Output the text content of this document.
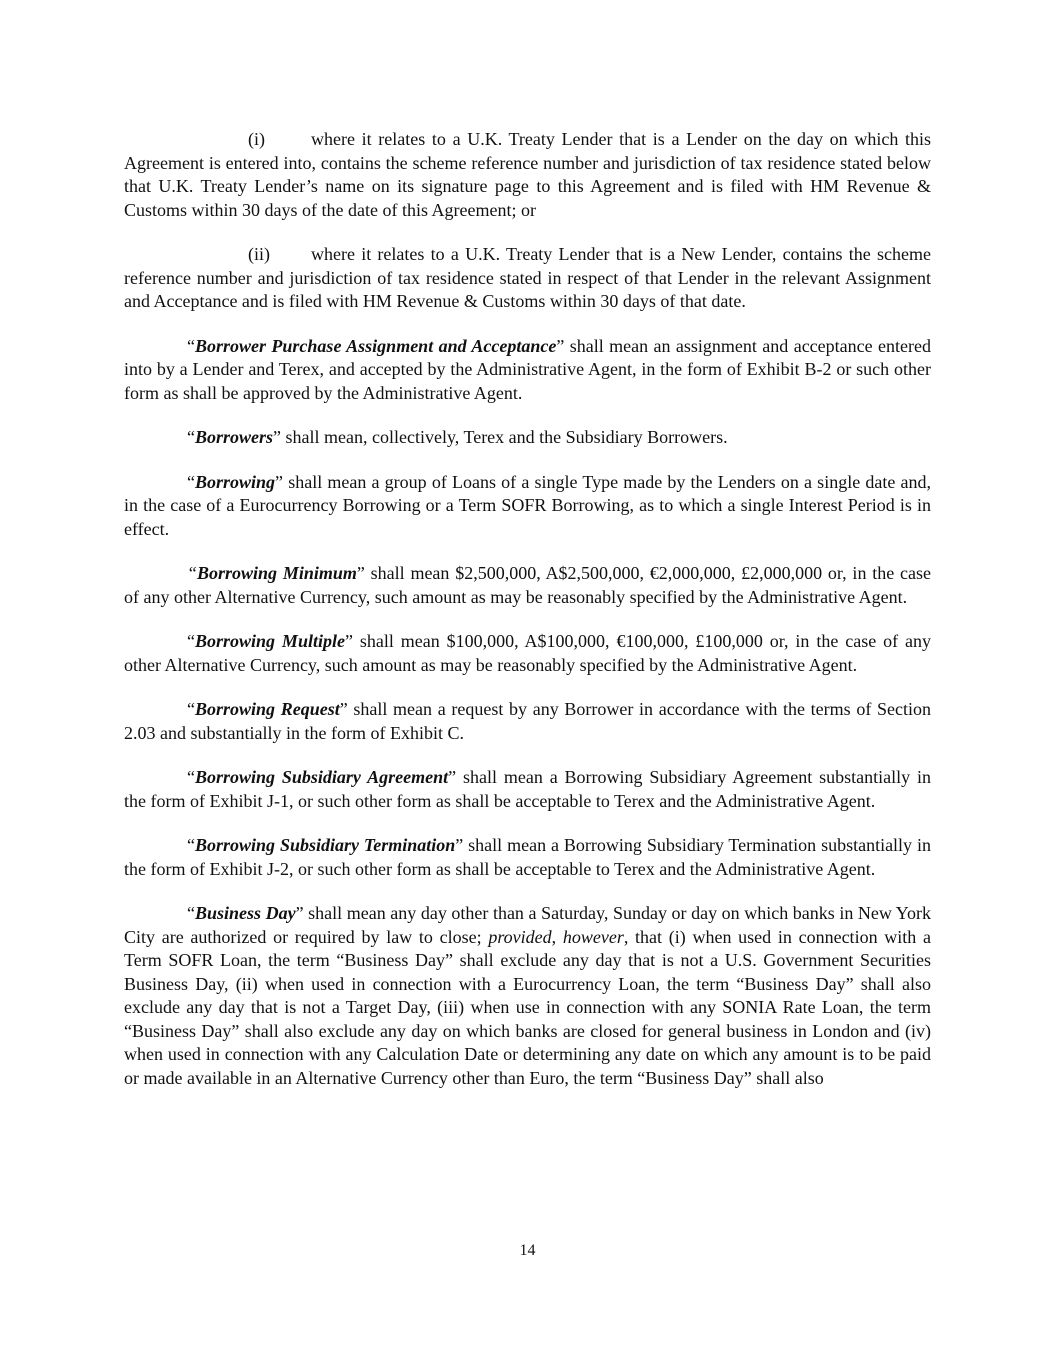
(i)	where it relates to a U.K. Treaty Lender that is a Lender on the day on which this Agreement is entered into, contains the scheme reference number and jurisdiction of tax residence stated below that U.K. Treaty Lender’s name on its signature page to this Agreement and is filed with HM Revenue & Customs within 30 days of the date of this Agreement; or

(ii) where it relates to a U.K. Treaty Lender that is a New Lender, contains the scheme reference number and jurisdiction of tax residence stated in respect of that Lender in the relevant Assignment and Acceptance and is filed with HM Revenue & Customs within 30 days of that date.

“Borrower Purchase Assignment and Acceptance” shall mean an assignment and acceptance entered into by a Lender and Terex, and accepted by the Administrative Agent, in the form of Exhibit B-2 or such other form as shall be approved by the Administrative Agent.

“Borrowers” shall mean, collectively, Terex and the Subsidiary Borrowers.

“Borrowing” shall mean a group of Loans of a single Type made by the Lenders on a single date and, in the case of a Eurocurrency Borrowing or a Term SOFR Borrowing, as to which a single Interest Period is in effect.

“Borrowing Minimum” shall mean $2,500,000, A$2,500,000, €2,000,000, £2,000,000 or, in the case of any other Alternative Currency, such amount as may be reasonably specified by the Administrative Agent.

“Borrowing Multiple” shall mean $100,000, A$100,000, €100,000, £100,000 or, in the case of any other Alternative Currency, such amount as may be reasonably specified by the Administrative Agent.

“Borrowing Request” shall mean a request by any Borrower in accordance with the terms of Section 2.03 and substantially in the form of Exhibit C.

“Borrowing Subsidiary Agreement” shall mean a Borrowing Subsidiary Agreement substantially in the form of Exhibit J-1, or such other form as shall be acceptable to Terex and the Administrative Agent.

“Borrowing Subsidiary Termination” shall mean a Borrowing Subsidiary Termination substantially in the form of Exhibit J-2, or such other form as shall be acceptable to Terex and the Administrative Agent.

“Business Day” shall mean any day other than a Saturday, Sunday or day on which banks in New York City are authorized or required by law to close; provided, however, that (i) when used in connection with a Term SOFR Loan, the term “Business Day” shall exclude any day that is not a U.S. Government Securities Business Day, (ii) when used in connection with a Eurocurrency Loan, the term “Business Day” shall also exclude any day that is not a Target Day, (iii) when use in connection with any SONIA Rate Loan, the term “Business Day” shall also exclude any day on which banks are closed for general business in London and (iv) when used in connection with any Calculation Date or determining any date on which any amount is to be paid or made available in an Alternative Currency other than Euro, the term “Business Day” shall also

14
